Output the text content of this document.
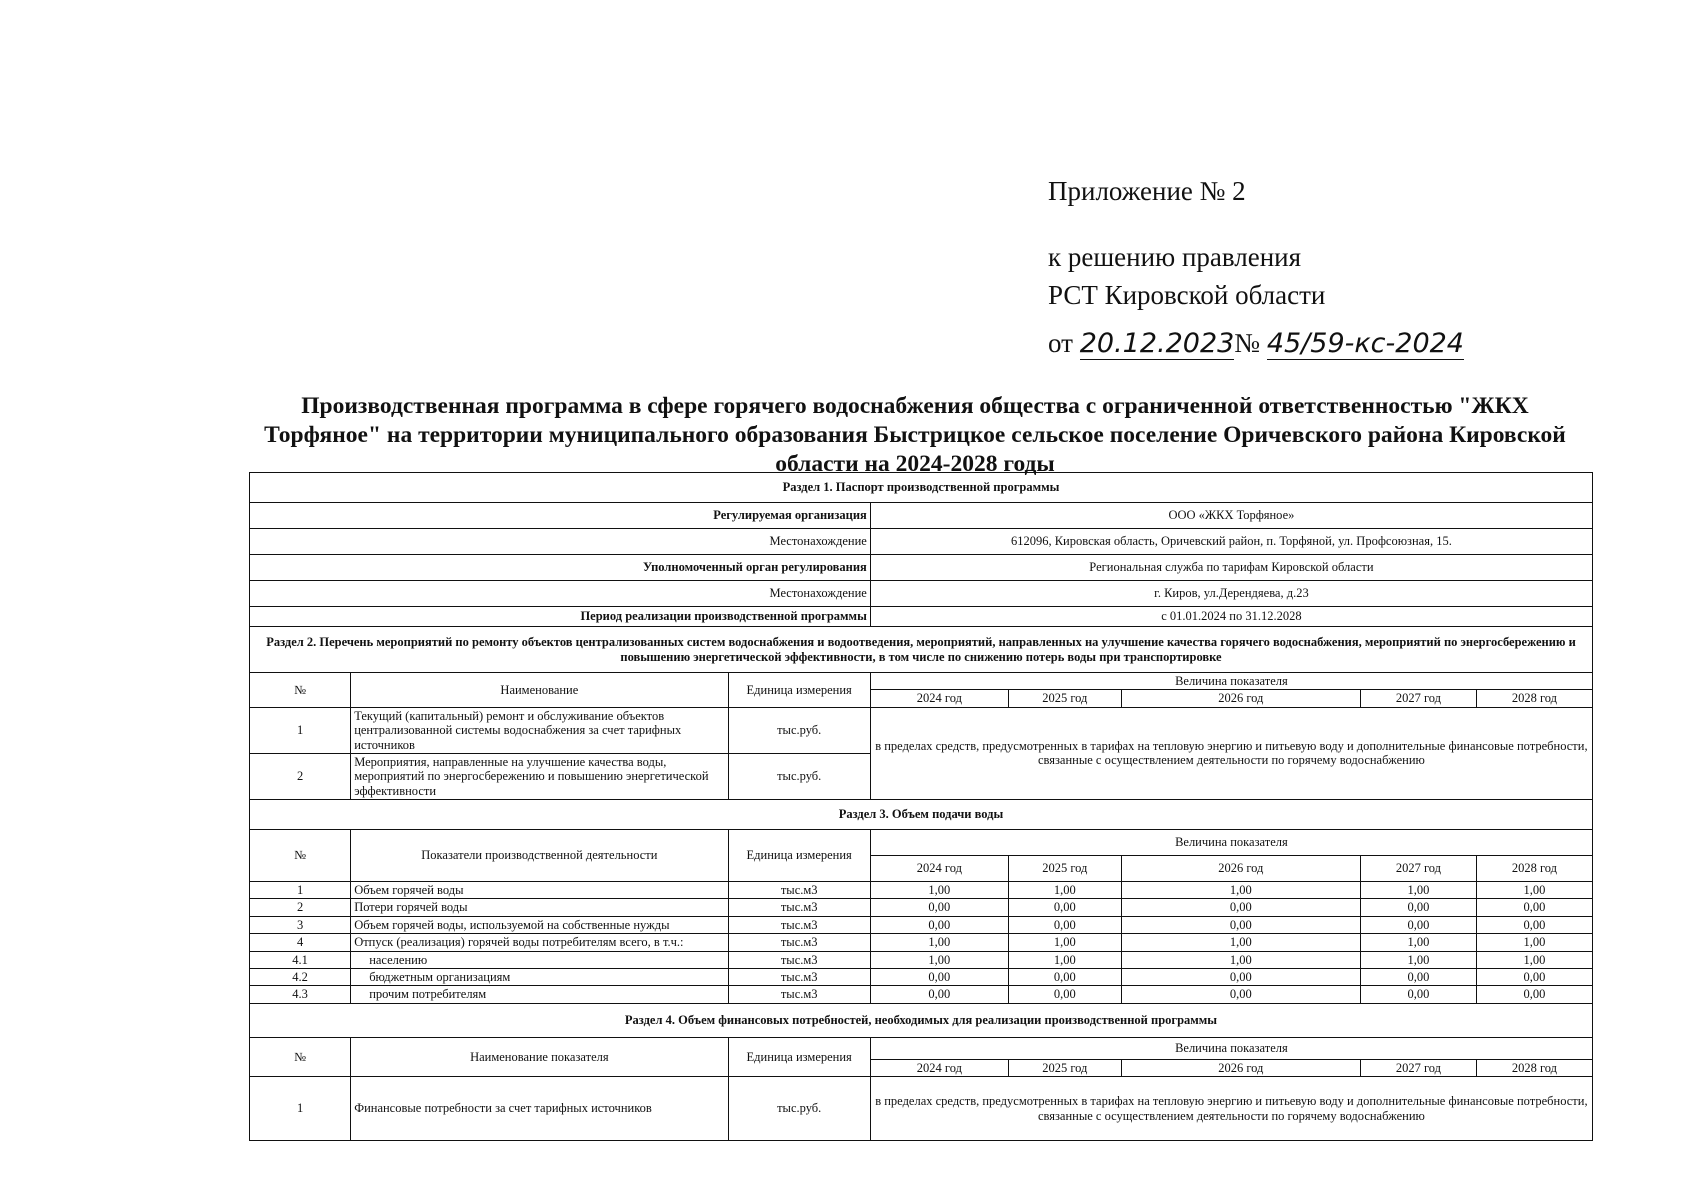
Приложение № 2
к решению правления
РСТ Кировской области
от 20.12.2023
№ 45/59-кс-2024
Производственная программа в сфере горячего водоснабжения общества с ограниченной ответственностью "ЖКХ Торфяное" на территории муниципального образования Быстрицкое сельское поселение Оричевского района Кировской области на 2024-2028 годы
Раздел 1. Паспорт производственной программы							
Регулируемая организация			ООО «ЖКХ Торфяное»				
Местонахождение			612096, Кировская область, Оричевский район, п. Торфяной, ул. Профсоюзная, 15.				
Уполномоченный орган регулирования			Региональная служба по тарифам Кировской области				
Местонахождение			г. Киров, ул.Дерендяева, д.23				
Период реализации производственной программы			с 01.01.2024 по 31.12.2028				
Раздел 2. Перечень мероприятий по ремонту объектов централизованных систем водоснабжения и водоотведения, мероприятий, направленных на улучшение качества горячего водоснабжения, мероприятий по энергосбережению и повышению энергетической эффективности, в том числе по снижению потерь воды при транспортировке							
№	Наименование	Единица измерения	Величина показателя				
			2024 год	2025 год	2026 год	2027 год	2028 год
1	Текущий (капитальный) ремонт и обслуживание объектов централизованной системы водоснабжения за счет тарифных источников	тыс.руб.	в пределах средств, предусмотренных в тарифах на тепловую энергию и питьевую воду и дополнительные финансовые потребности, связанные с осуществлением деятельности по горячему водоснабжению				
2	Мероприятия, направленные на улучшение качества воды, мероприятий по энергосбережению и повышению энергетической эффективности	тыс.руб.					
Раздел 3. Объем подачи воды							
№	Показатели производственной деятельности	Единица измерения	Величина показателя				
			2024 год	2025 год	2026 год	2027 год	2028 год
1	Объем горячей воды	тыс.м3	1,00	1,00	1,00	1,00	1,00
2	Потери горячей воды	тыс.м3	0,00	0,00	0,00	0,00	0,00
3	Объем горячей воды, используемой на собственные нужды	тыс.м3	0,00	0,00	0,00	0,00	0,00
4	Отпуск (реализация) горячей воды потребителям всего, в т.ч.:	тыс.м3	1,00	1,00	1,00	1,00	1,00
4.1	населению	тыс.м3	1,00	1,00	1,00	1,00	1,00
4.2	бюджетным организациям	тыс.м3	0,00	0,00	0,00	0,00	0,00
4.3	прочим потребителям	тыс.м3	0,00	0,00	0,00	0,00	0,00
Раздел 4. Объем финансовых потребностей, необходимых для реализации производственной программы							
№	Наименование показателя	Единица измерения	Величина показателя				
			2024 год	2025 год	2026 год	2027 год	2028 год
1	Финансовые потребности за счет тарифных источников	тыс.руб.	в пределах средств, предусмотренных в тарифах на тепловую энергию и питьевую воду и дополнительные финансовые потребности, связанные с осуществлением деятельности по горячему водоснабжению				
